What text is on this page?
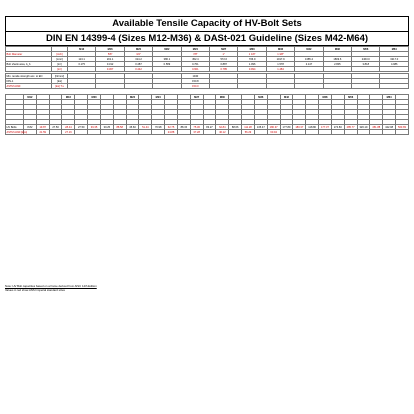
Available Tensile Capacity of HV-Bolt Sets
DIN EN 14399-4 (Sizes M12-M36) & DASt-021 Guideline (Sizes M42-M64)
		M12	M16	M20	M22	M24	M27	M30	M36	M42	M48	M56	M64
Bolt Diameter	[inch]		5/8"	3/4"		7/8"	1"	1 1/8"	1 3/8"				
	[mm²]	113.1	201.1	314.2	380.1	452.4	572.6	706.9	1017.9	1385.4	1809.6	2463.0	3217.0
Bolt shank area, A_b	[in²]	0.175	0.312	0.487	0.589	0.701	0.887	1.096	1.578	2.147	2.805	3.818	4.986
	[in²]		0.307	0.442		0.601	0.785	0.994	1.484				
Min. tensile strength acc. to EN	[N/mm²]					1040							
DIN-1	[ksi]					150.8							
ASTM A490	[ksi] T.s					150.0							
	M12			M16		M20			M22		M24			M27		M30			M36		M42			M48		M56			M64	

HV Bolts	8.82	19.87	27.50	28.44	27.50	39.35	30.25	88.58	45.60	51.44	70.98	62.75	88.15	75.30	83.27	62.84	88.66	111.28	135.47	180.37	177.89	180.37	118.80	177.37	274.83	285.77	326.19	451.88	422.08	563.83
ASTM A490 [kips]		21.59		27.16								24.88		37.28		46.12		56.29		60.94										
Note: HV Bolt capacities based on a frame derived from AISC 14th Edition
Values in red show ANSI imperial standard sizes
